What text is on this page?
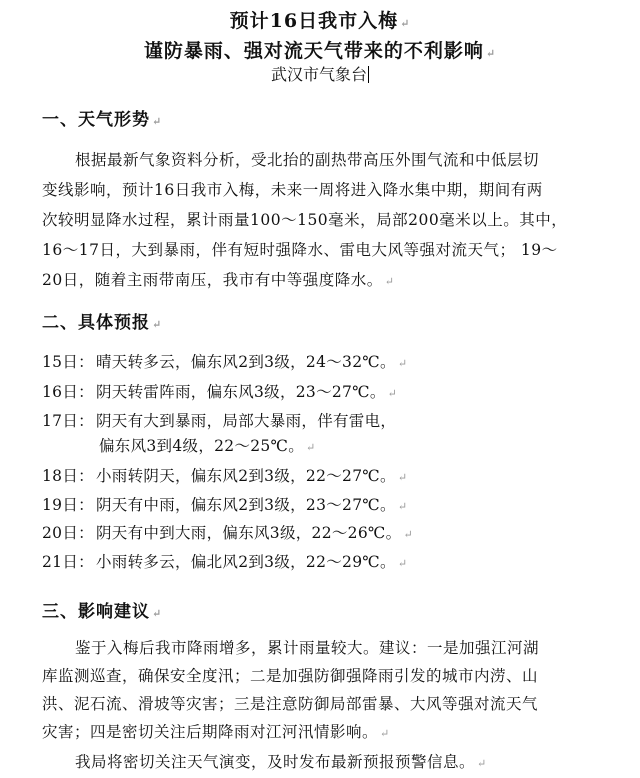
预计16日我市入梅 ↵
谨防暴雨、强对流天气带来的不利影响 ↵
武汉市气象台
一、天气形势 ↵
根据最新气象资料分析，受北抬的副热带高压外围气流和中低层切
变线影响，预计16日我市入梅，未来一周将进入降水集中期，期间有两
次较明显降水过程，累计雨量100～150毫米，局部200毫米以上。其中，
16～17日，大到暴雨，伴有短时强降水、雷电大风等强对流天气； 19～
20日，随着主雨带南压，我市有中等强度降水。 ↵
二、具体预报 ↵
15日： 晴天转多云，偏东风2到3级，24～32℃。 ↵
16日： 阴天转雷阵雨，偏东风3级，23～27℃。 ↵
17日： 阴天有大到暴雨，局部大暴雨，伴有雷电，
偏东风3到4级，22～25℃。 ↵
18日： 小雨转阴天，偏东风2到3级，22～27℃。 ↵
19日： 阴天有中雨，偏东风2到3级，23～27℃。 ↵
20日： 阴天有中到大雨，偏东风3级，22～26℃。 ↵
21日： 小雨转多云，偏北风2到3级，22～29℃。 ↵
三、影响建议 ↵
鉴于入梅后我市降雨增多，累计雨量较大。建议：一是加强江河湖
库监测巡查，确保安全度汛；二是加强防御强降雨引发的城市内涝、山
洪、泥石流、滑坡等灾害；三是注意防御局部雷暴、大风等强对流天气
灾害；四是密切关注后期降雨对江河汛情影响。 ↵
我局将密切关注天气演变，及时发布最新预报预警信息。 ↵
